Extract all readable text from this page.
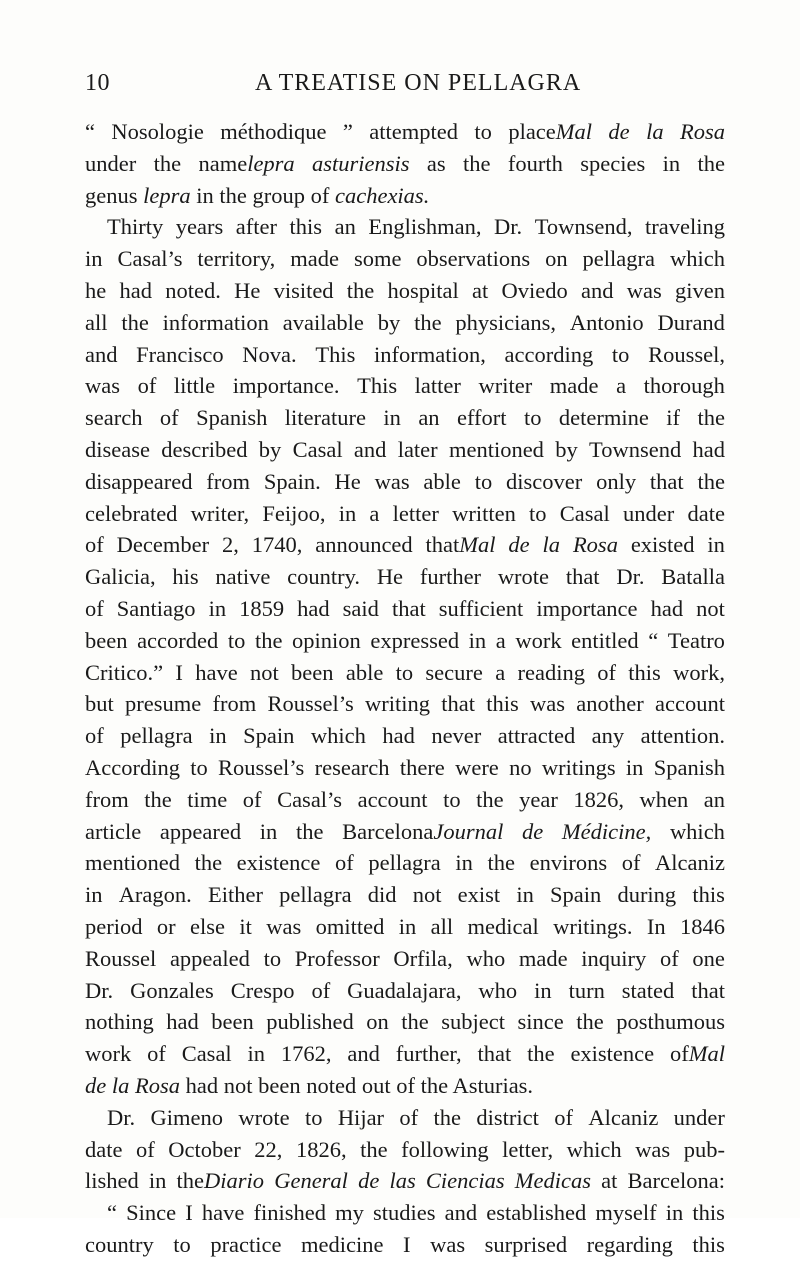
10	A TREATISE ON PELLAGRA
“ Nosologie méthodique ” attempted to placeMal de la Rosa
under the namelepra asturiensis as the fourth species in the
genus lepra in the group of cachexias.
Thirty years after this an Englishman, Dr. Townsend, traveling
in Casal’s territory, made some observations on pellagra which
he had noted. He visited the hospital at Oviedo and was given
all the information available by the physicians, Antonio Durand
and Francisco Nova. This information, according to Roussel,
was of little importance. This latter writer made a thorough
search of Spanish literature in an effort to determine if the
disease described by Casal and later mentioned by Townsend had
disappeared from Spain. He was able to discover only that the
celebrated writer, Feijoo, in a letter written to Casal under date
of December 2, 1740, announced thatMal de la Rosa existed in
Galicia, his native country. He further wrote that Dr. Batalla
of Santiago in 1859 had said that sufficient importance had not
been accorded to the opinion expressed in a work entitled “ Teatro
Critico.” I have not been able to secure a reading of this work,
but presume from Roussel’s writing that this was another account
of pellagra in Spain which had never attracted any attention.
According to Roussel’s research there were no writings in Spanish
from the time of Casal’s account to the year 1826, when an
article appeared in the BarcelonaJournal de Médicine, which
mentioned the existence of pellagra in the environs of Alcaniz
in Aragon. Either pellagra did not exist in Spain during this
period or else it was omitted in all medical writings. In 1846
Roussel appealed to Professor Orfila, who made inquiry of one
Dr. Gonzales Crespo of Guadalajara, who in turn stated that
nothing had been published on the subject since the posthumous
work of Casal in 1762, and further, that the existence ofMal
de la Rosa had not been noted out of the Asturias.
Dr. Gimeno wrote to Hijar of the district of Alcaniz under
date of October 22, 1826, the following letter, which was pub-
lished in theDiario General de las Ciencias Medicas at Barcelona:
“ Since I have finished my studies and established myself in this
country to practice medicine I was surprised regarding this
